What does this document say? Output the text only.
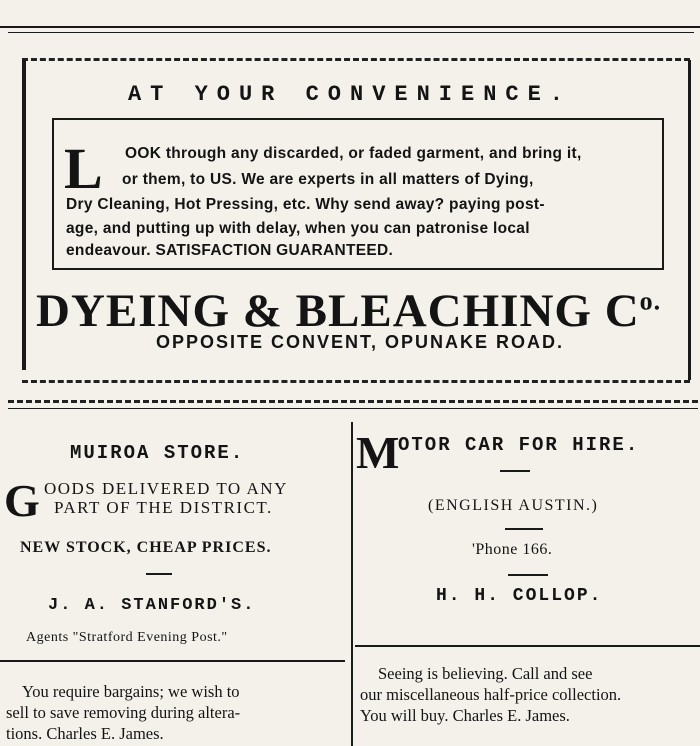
AT YOUR CONVENIENCE.
L OOK through any discarded, or faded garment, and bring it,
or them, to US. We are experts in all matters of Dying,
Dry Cleaning, Hot Pressing, etc. Why send away? paying post-
age, and putting up with delay, when you can patronise local
endeavour. SATISFACTION GUARANTEED.
DYEING & BLEACHING $C^{o.}$
OPPOSITE CONVENT, OPUNAKE ROAD.
MUIROA STORE.
G OODS DELIVERED TO ANY
PART OF THE DISTRICT.
NEW STOCK, CHEAP PRICES.
J. A. STANFORD'S.
Agents "Stratford Evening Post."
You require bargains; we wish to
sell to save removing during altera-
tions. Charles E. James.
M
OTOR CAR FOR HIRE.
(ENGLISH AUSTIN.)
'Phone 166.
H. H. COLLOP.
Seeing is believing. Call and see
our miscellaneous half-price collection.
You will buy. Charles E. James.
